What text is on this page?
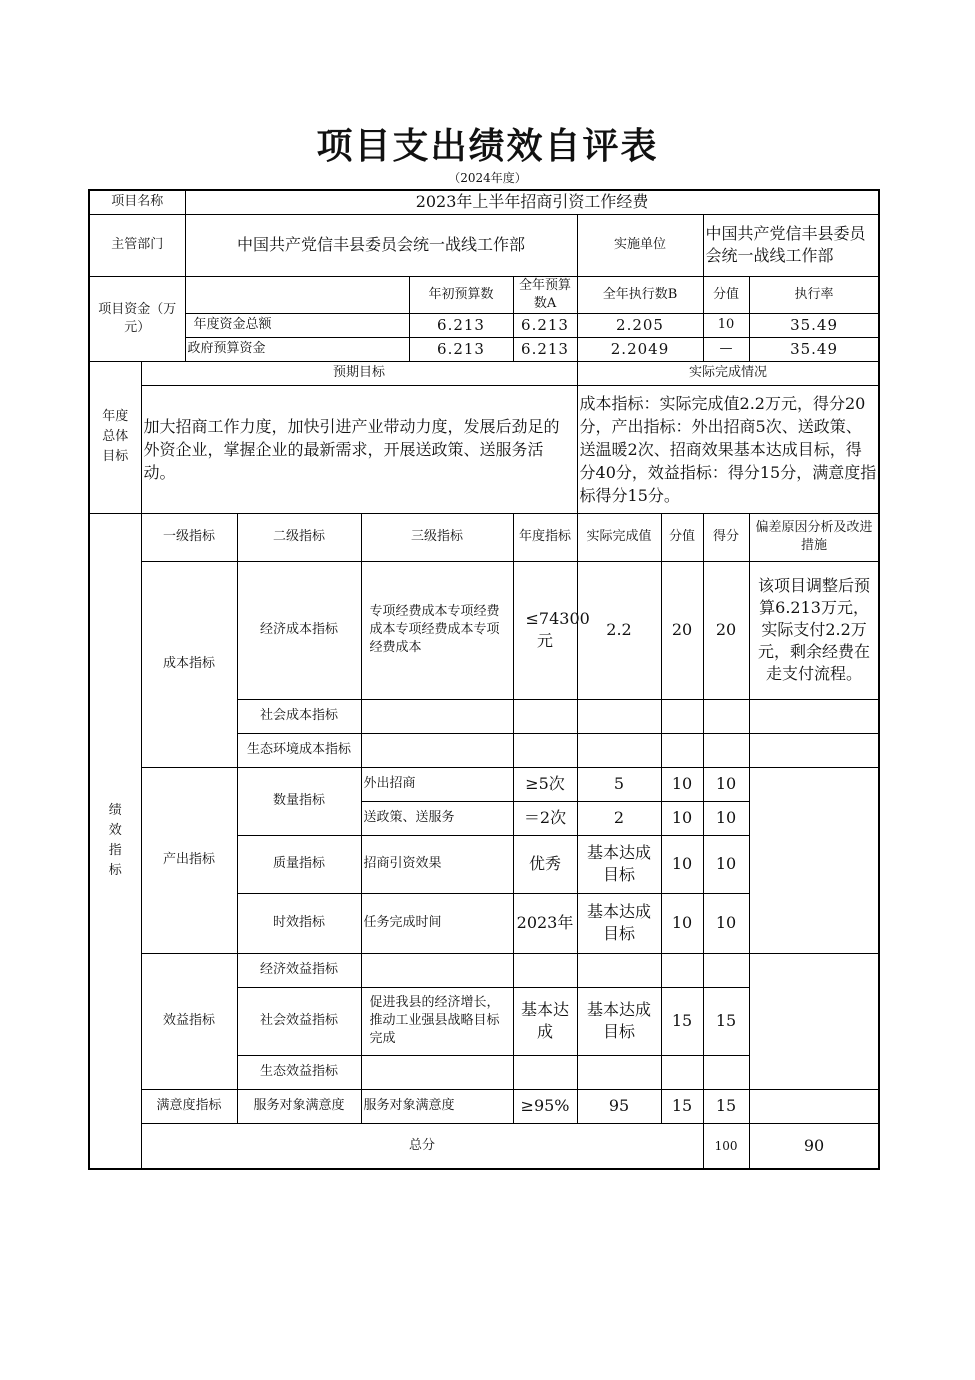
项目支出绩效自评表
（2024年度）
项目名称		2023年上半年招商引资工作经费									
主管部门		中国共产党信丰县委员会统一战线工作部					实施单位		中国共产党信丰县委员会统一战线工作部		
项目资金（万元）					年初预算数	全年预算数A	全年执行数B		分值	执行率	
		年度资金总额			6.213	6.213	2.205		10	35.49	
		政府预算资金			6.213	6.213	2.2049		—	35.49	
年度总体目标	预期目标						实际完成情况				
	加大招商工作力度，加快引进产业带动力度，发展后劲足的外资企业，掌握企业的最新需求，开展送政策、送服务活动。						成本指标：实际完成值2.2万元，得分20分，产出指标：外出招商5次、送政策、送温暖2次、招商效果基本达成目标，得分40分，效益指标：得分15分，满意度指标得分15分。				
绩效指标	一级指标		二级指标	三级指标		年度指标	实际完成值	分值	得分	偏差原因分析及改进措施	
	成本指标		经济成本指标	专项经费成本专项经费成本专项经费成本专项经费成本		≤74300元	2.2	20	20	该项目调整后预算6.213万元，实际支付2.2万元，剩余经费在走支付流程。	
			社会成本指标								
			生态环境成本指标								
	产出指标		数量指标	外出招商		≥5次	5	10	10		
				送政策、送服务		＝2次	2	10	10		
			质量指标	招商引资效果		优秀	基本达成目标	10	10		
			时效指标	任务完成时间		2023年	基本达成目标	10	10		
	效益指标		经济效益指标								
			社会效益指标	促进我县的经济增长，推动工业强县战略目标完成		基本达成	基本达成目标	15	15		
			生态效益指标								
	满意度指标		服务对象满意度	服务对象满意度		≥95%	95	15	15		
	总分								100	90	
